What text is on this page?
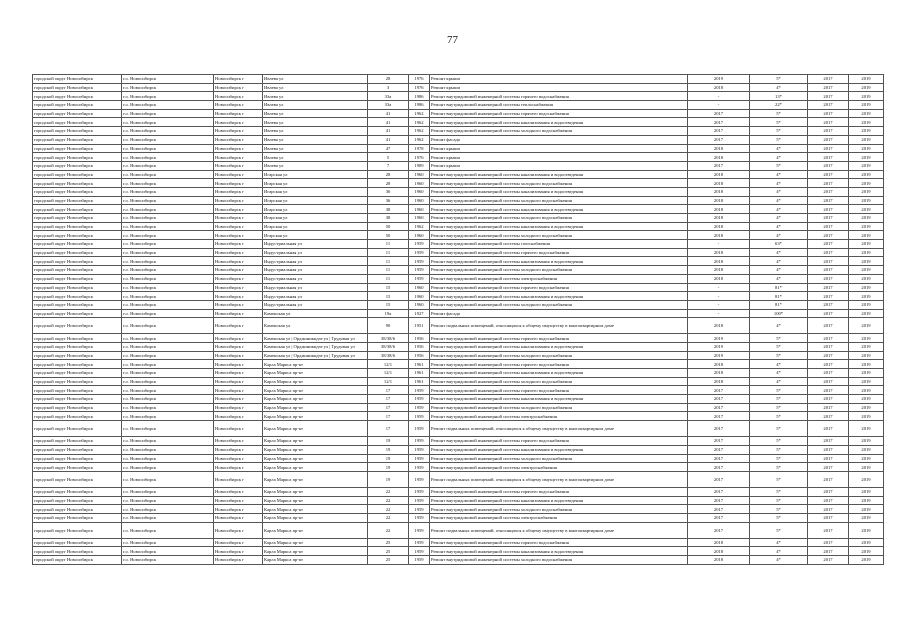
77
городской округ Новосибирск	г.о. Новосибирск	Новосибирск г	Ивлева ул	28	1976	Ремонт крыши	2019	5*	2017	2019
городской округ Новосибирск	г.о. Новосибирск	Новосибирск г	Ивлева ул	3	1976	Ремонт крыши	2018	4*	2017	2019
городской округ Новосибирск	г.о. Новосибирск	Новосибирск г	Ивлева ул	33а	1986	Ремонт внутридомовой инженерной системы горячего водоснабжения	-	13*	2017	2019
городской округ Новосибирск	г.о. Новосибирск	Новосибирск г	Ивлева ул	33а	1986	Ремонт внутридомовой инженерной системы теплоснабжения	-	22*	2017	2019
городской округ Новосибирск	г.о. Новосибирск	Новосибирск г	Ивлева ул	41	1962	Ремонт внутридомовой инженерной системы горячего водоснабжения	2017	5*	2017	2019
городской округ Новосибирск	г.о. Новосибирск	Новосибирск г	Ивлева ул	41	1962	Ремонт внутридомовой инженерной системы канализования и водоотведения	2017	5*	2017	2019
городской округ Новосибирск	г.о. Новосибирск	Новосибирск г	Ивлева ул	41	1962	Ремонт внутридомовой инженерной системы холодного водоснабжения	2017	5*	2017	2019
городской округ Новосибирск	г.о. Новосибирск	Новосибирск г	Ивлева ул	41	1962	Ремонт фасада	2017	5*	2017	2019
городской округ Новосибирск	г.о. Новосибирск	Новосибирск г	Ивлева ул	47	1978	Ремонт крыши	2018	4*	2017	2019
городской округ Новосибирск	г.о. Новосибирск	Новосибирск г	Ивлева ул	5	1976	Ремонт крыши	2018	4*	2017	2019
городской округ Новосибирск	г.о. Новосибирск	Новосибирск г	Ивлева ул	7	1989	Ремонт крыши	2017	5*	2017	2019
городской округ Новосибирск	г.о. Новосибирск	Новосибирск г	Игарская ул	28	1960	Ремонт внутридомовой инженерной системы канализования и водоотведения	2018	4*	2017	2019
городской округ Новосибирск	г.о. Новосибирск	Новосибирск г	Игарская ул	28	1960	Ремонт внутридомовой инженерной системы холодного водоснабжения	2018	4*	2017	2019
городской округ Новосибирск	г.о. Новосибирск	Новосибирск г	Игарская ул	36	1960	Ремонт внутридомовой инженерной системы канализования и водоотведения	2018	4*	2017	2019
городской округ Новосибирск	г.о. Новосибирск	Новосибирск г	Игарская ул	36	1960	Ремонт внутридомовой инженерной системы холодного водоснабжения	2018	4*	2017	2019
городской округ Новосибирск	г.о. Новосибирск	Новосибирск г	Игарская ул	38	1960	Ремонт внутридомовой инженерной системы канализования и водоотведения	2018	4*	2017	2019
городской округ Новосибирск	г.о. Новосибирск	Новосибирск г	Игарская ул	38	1960	Ремонт внутридомовой инженерной системы холодного водоснабжения	2018	4*	2017	2019
городской округ Новосибирск	г.о. Новосибирск	Новосибирск г	Игарская ул	50	1962	Ремонт внутридомовой инженерной системы канализования и водоотведения	2018	4*	2017	2019
городской округ Новосибирск	г.о. Новосибирск	Новосибирск г	Игарская ул	50	1960	Ремонт внутридомовой инженерной системы холодного водоснабжения	2018	4*	2017	2019
городской округ Новосибирск	г.о. Новосибирск	Новосибирск г	Индустриальная ул	11	1959	Ремонт внутридомовой инженерной системы газоснабжения	-	63*	2017	2019
городской округ Новосибирск	г.о. Новосибирск	Новосибирск г	Индустриальная ул	11	1959	Ремонт внутридомовой инженерной системы горячего водоснабжения	2018	4*	2017	2019
городской округ Новосибирск	г.о. Новосибирск	Новосибирск г	Индустриальная ул	11	1959	Ремонт внутридомовой инженерной системы канализования и водоотведения	2018	4*	2017	2019
городской округ Новосибирск	г.о. Новосибирск	Новосибирск г	Индустриальная ул	11	1959	Ремонт внутридомовой инженерной системы холодного водоснабжения	2018	4*	2017	2019
городской округ Новосибирск	г.о. Новосибирск	Новосибирск г	Индустриальная ул	11	1959	Ремонт внутридомовой инженерной системы электроснабжения	2018	4*	2017	2019
городской округ Новосибирск	г.о. Новосибирск	Новосибирск г	Индустриальная ул	15	1960	Ремонт внутридомовой инженерной системы горячего водоснабжения	-	81*	2017	2019
городской округ Новосибирск	г.о. Новосибирск	Новосибирск г	Индустриальная ул	15	1960	Ремонт внутридомовой инженерной системы канализования и водоотведения	-	81*	2017	2019
городской округ Новосибирск	г.о. Новосибирск	Новосибирск г	Индустриальная ул	15	1960	Ремонт внутридомовой инженерной системы холодного водоснабжения	-	81*	2017	2019
городской округ Новосибирск	г.о. Новосибирск	Новосибирск г	Каменская ул	19а	1927	Ремонт фасада	-	100*	2017	2019
городской округ Новосибирск	г.о. Новосибирск	Новосибирск г	Каменская ул	90	1951	Ремонт подвальных помещений, относящихся к общему имуществу в многоквартирном доме	2018	4*	2017	2019
городской округ Новосибирск	г.о. Новосибирск	Новосибирск г	Каменская ул | Орджоникидзе ул | Трудовая ул	38/38/6	1956	Ремонт внутридомовой инженерной системы горячего водоснабжения	2019	5*	2017	2019
городской округ Новосибирск	г.о. Новосибирск	Новосибирск г	Каменская ул | Орджоникидзе ул | Трудовая ул	38/38/6	1956	Ремонт внутридомовой инженерной системы канализования и водоотведения	2019	5*	2017	2019
городской округ Новосибирск	г.о. Новосибирск	Новосибирск г	Каменская ул | Орджоникидзе ул | Трудовая ул	38/38/6	1956	Ремонт внутридомовой инженерной системы холодного водоснабжения	2019	5*	2017	2019
городской округ Новосибирск	г.о. Новосибирск	Новосибирск г	Карла Маркса пр-кт	12/1	1961	Ремонт внутридомовой инженерной системы горячего водоснабжения	2018	4*	2017	2019
городской округ Новосибирск	г.о. Новосибирск	Новосибирск г	Карла Маркса пр-кт	12/1	1961	Ремонт внутридомовой инженерной системы канализования и водоотведения	2018	4*	2017	2019
городской округ Новосибирск	г.о. Новосибирск	Новосибирск г	Карла Маркса пр-кт	12/1	1961	Ремонт внутридомовой инженерной системы холодного водоснабжения	2018	4*	2017	2019
городской округ Новосибирск	г.о. Новосибирск	Новосибирск г	Карла Маркса пр-кт	17	1959	Ремонт внутридомовой инженерной системы горячего водоснабжения	2017	5*	2017	2019
городской округ Новосибирск	г.о. Новосибирск	Новосибирск г	Карла Маркса пр-кт	17	1959	Ремонт внутридомовой инженерной системы канализования и водоотведения	2017	5*	2017	2019
городской округ Новосибирск	г.о. Новосибирск	Новосибирск г	Карла Маркса пр-кт	17	1959	Ремонт внутридомовой инженерной системы холодного водоснабжения	2017	5*	2017	2019
городской округ Новосибирск	г.о. Новосибирск	Новосибирск г	Карла Маркса пр-кт	17	1959	Ремонт внутридомовой инженерной системы электроснабжения	2017	5*	2017	2019
городской округ Новосибирск	г.о. Новосибирск	Новосибирск г	Карла Маркса пр-кт	17	1959	Ремонт подвальных помещений, относящихся к общему имуществу в многоквартирном доме	2017	5*	2017	2019
городской округ Новосибирск	г.о. Новосибирск	Новосибирск г	Карла Маркса пр-кт	19	1959	Ремонт внутридомовой инженерной системы горячего водоснабжения	2017	5*	2017	2019
городской округ Новосибирск	г.о. Новосибирск	Новосибирск г	Карла Маркса пр-кт	19	1959	Ремонт внутридомовой инженерной системы канализования и водоотведения	2017	5*	2017	2019
городской округ Новосибирск	г.о. Новосибирск	Новосибирск г	Карла Маркса пр-кт	19	1959	Ремонт внутридомовой инженерной системы холодного водоснабжения	2017	5*	2017	2019
городской округ Новосибирск	г.о. Новосибирск	Новосибирск г	Карла Маркса пр-кт	19	1959	Ремонт внутридомовой инженерной системы электроснабжения	2017	5*	2017	2019
городской округ Новосибирск	г.о. Новосибирск	Новосибирск г	Карла Маркса пр-кт	19	1959	Ремонт подвальных помещений, относящихся к общему имуществу в многоквартирном доме	2017	5*	2017	2019
городской округ Новосибирск	г.о. Новосибирск	Новосибирск г	Карла Маркса пр-кт	22	1959	Ремонт внутридомовой инженерной системы горячего водоснабжения	2017	5*	2017	2019
городской округ Новосибирск	г.о. Новосибирск	Новосибирск г	Карла Маркса пр-кт	22	1959	Ремонт внутридомовой инженерной системы канализования и водоотведения	2017	5*	2017	2019
городской округ Новосибирск	г.о. Новосибирск	Новосибирск г	Карла Маркса пр-кт	22	1959	Ремонт внутридомовой инженерной системы холодного водоснабжения	2017	5*	2017	2019
городской округ Новосибирск	г.о. Новосибирск	Новосибирск г	Карла Маркса пр-кт	22	1959	Ремонт внутридомовой инженерной системы электроснабжения	2017	5*	2017	2019
городской округ Новосибирск	г.о. Новосибирск	Новосибирск г	Карла Маркса пр-кт	22	1959	Ремонт подвальных помещений, относящихся к общему имуществу в многоквартирном доме	2017	5*	2017	2019
городской округ Новосибирск	г.о. Новосибирск	Новосибирск г	Карла Маркса пр-кт	25	1959	Ремонт внутридомовой инженерной системы горячего водоснабжения	2018	4*	2017	2019
городской округ Новосибирск	г.о. Новосибирск	Новосибирск г	Карла Маркса пр-кт	25	1959	Ремонт внутридомовой инженерной системы канализования и водоотведения	2018	4*	2017	2019
городской округ Новосибирск	г.о. Новосибирск	Новосибирск г	Карла Маркса пр-кт	25	1959	Ремонт внутридомовой инженерной системы холодного водоснабжения	2018	4*	2017	2019
